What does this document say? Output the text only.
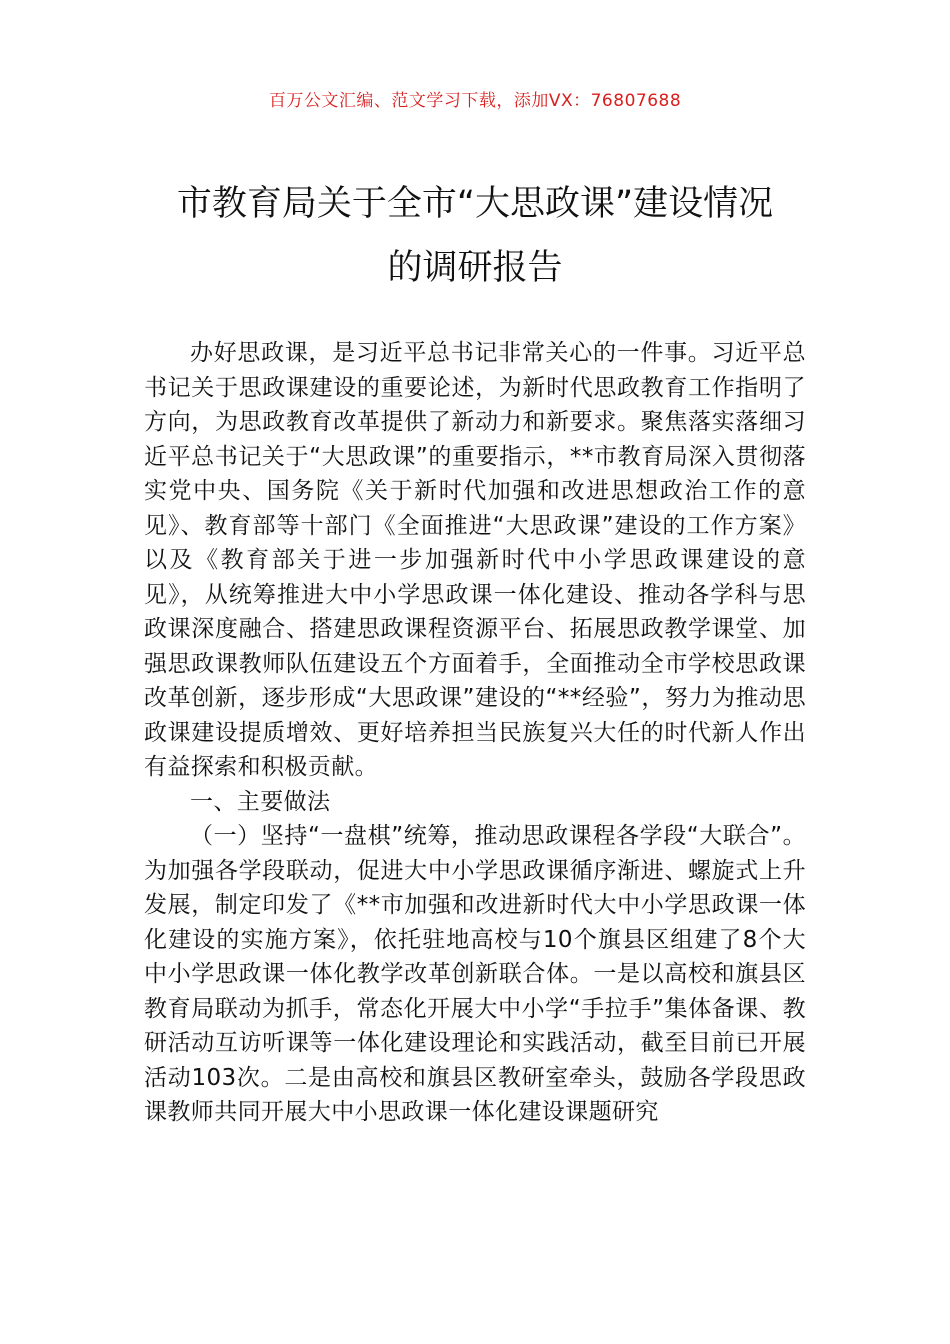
百万公文汇编、范文学习下载，添加VX：76807688
市教育局关于全市“大思政课”建设情况
的调研报告

办好思政课，是习近平总书记非常关心的一件事。习近平总书记关于思政课建设的重要论述，为新时代思政教育工作指明了方向，为思政教育改革提供了新动力和新要求。聚焦落实落细习近平总书记关于“大思政课”的重要指示，**市教育局深入贯彻落实党中央、国务院《关于新时代加强和改进思想政治工作的意见》、教育部等十部门《全面推进“大思政课”建设的工作方案》以及《教育部关于进一步加强新时代中小学思政课建设的意见》，从统筹推进大中小学思政课一体化建设、推动各学科与思政课深度融合、搭建思政课程资源平台、拓展思政教学课堂、加强思政课教师队伍建设五个方面着手，全面推动全市学校思政课改革创新，逐步形成“大思政课”建设的“**经验”，努力为推动思政课建设提质增效、更好培养担当民族复兴大任的时代新人作出有益探索和积极贡献。

一、主要做法

（一）坚持“一盘棋”统筹，推动思政课程各学段“大联合”。为加强各学段联动，促进大中小学思政课循序渐进、螺旋式上升发展，制定印发了《**市加强和改进新时代大中小学思政课一体化建设的实施方案》，依托驻地高校与10个旗县区组建了8个大中小学思政课一体化教学改革创新联合体。一是以高校和旗县区教育局联动为抓手，常态化开展大中小学“手拉手”集体备课、教研活动互访听课等一体化建设理论和实践活动，截至目前已开展活动103次。二是由高校和旗县区教研室牵头，鼓励各学段思政课教师共同开展大中小思政课一体化建设课题研究
